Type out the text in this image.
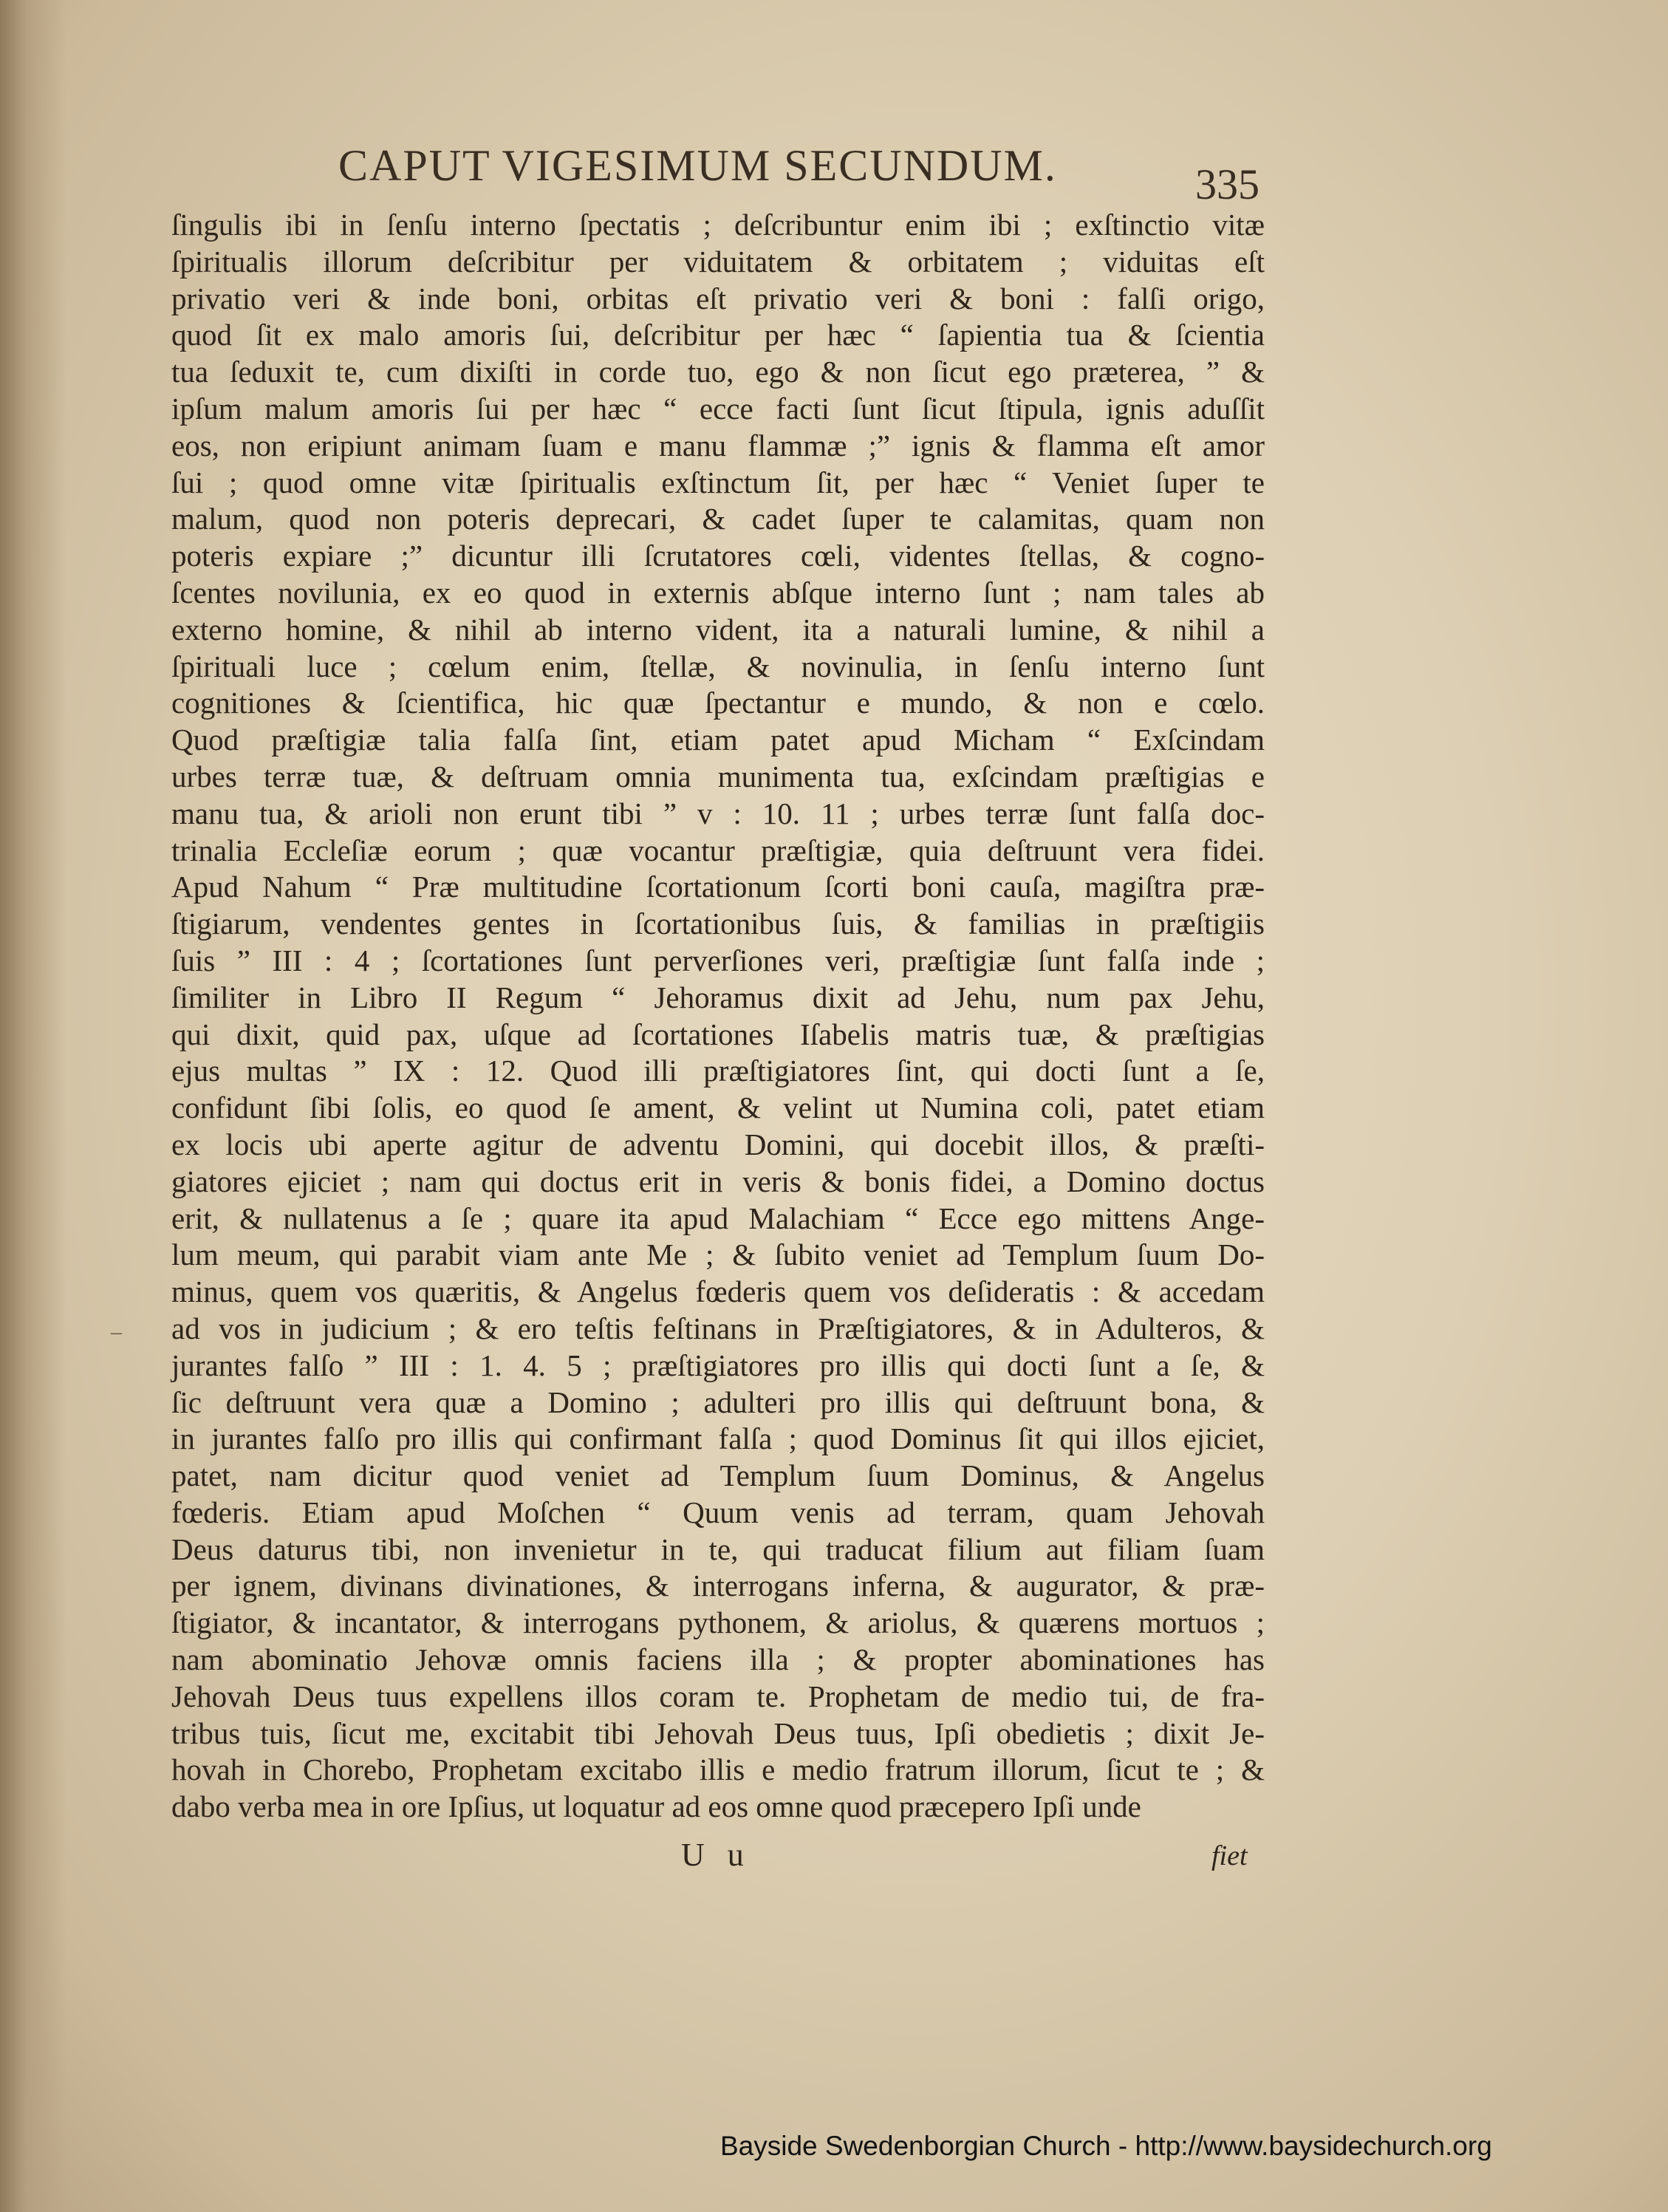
CAPUT VIGESIMUM SECUNDUM.	335
–
ſingulis ibi in ſenſu interno ſpectatis ; deſcribuntur enim ibi ; exſtinctio vitæ
ſpiritualis illorum deſcribitur per viduitatem & orbitatem ; viduitas eſt
privatio veri & inde boni, orbitas eſt privatio veri & boni : falſi origo,
quod ſit ex malo amoris ſui, deſcribitur per hæc “ ſapientia tua & ſcientia
tua ſeduxit te, cum dixiſti in corde tuo, ego & non ſicut ego præterea, ” &
ipſum malum amoris ſui per hæc “ ecce facti ſunt ſicut ſtipula, ignis aduſſit
eos, non eripiunt animam ſuam e manu flammæ ;” ignis & flamma eſt amor
ſui ; quod omne vitæ ſpiritualis exſtinctum ſit, per hæc “ Veniet ſuper te
malum, quod non poteris deprecari, & cadet ſuper te calamitas, quam non
poteris expiare ;” dicuntur illi ſcrutatores cœli, videntes ſtellas, & cogno-
ſcentes novilunia, ex eo quod in externis abſque interno ſunt ; nam tales ab
externo homine, & nihil ab interno vident, ita a naturali lumine, & nihil a
ſpirituali luce ; cœlum enim, ſtellæ, & novinulia, in ſenſu interno ſunt
cognitiones & ſcientifica, hic quæ ſpectantur e mundo, & non e cœlo.
Quod præſtigiæ talia falſa ſint, etiam patet apud Micham “ Exſcindam
urbes terræ tuæ, & deſtruam omnia munimenta tua, exſcindam præſtigias e
manu tua, & arioli non erunt tibi ” v : 10. 11 ; urbes terræ ſunt falſa doc-
trinalia Eccleſiæ eorum ; quæ vocantur præſtigiæ, quia deſtruunt vera fidei.
Apud Nahum “ Præ multitudine ſcortationum ſcorti boni cauſa, magiſtra præ-
ſtigiarum, vendentes gentes in ſcortationibus ſuis, & familias in præſtigiis
ſuis ” III : 4 ; ſcortationes ſunt perverſiones veri, præſtigiæ ſunt falſa inde ;
ſimiliter in Libro II Regum “ Jehoramus dixit ad Jehu, num pax Jehu,
qui dixit, quid pax, uſque ad ſcortationes Iſabelis matris tuæ, & præſtigias
ejus multas ” IX : 12. Quod illi præſtigiatores ſint, qui docti ſunt a ſe,
confidunt ſibi ſolis, eo quod ſe ament, & velint ut Numina coli, patet etiam
ex locis ubi aperte agitur de adventu Domini, qui docebit illos, & præſti-
giatores ejiciet ; nam qui doctus erit in veris & bonis fidei, a Domino doctus
erit, & nullatenus a ſe ; quare ita apud Malachiam “ Ecce ego mittens Ange-
lum meum, qui parabit viam ante Me ; & ſubito veniet ad Templum ſuum Do-
minus, quem vos quæritis, & Angelus fœderis quem vos deſideratis : & accedam
ad vos in judicium ; & ero teſtis feſtinans in Præſtigiatores, & in Adulteros, &
jurantes falſo ” III : 1. 4. 5 ; præſtigiatores pro illis qui docti ſunt a ſe, &
ſic deſtruunt vera quæ a Domino ; adulteri pro illis qui deſtruunt bona, &
in jurantes falſo pro illis qui confirmant falſa ; quod Dominus ſit qui illos ejiciet,
patet, nam dicitur quod veniet ad Templum ſuum Dominus, & Angelus
fœderis. Etiam apud Moſchen “ Quum venis ad terram, quam Jehovah
Deus daturus tibi, non invenietur in te, qui traducat filium aut filiam ſuam
per ignem, divinans divinationes, & interrogans inferna, & augurator, & præ-
ſtigiator, & incantator, & interrogans pythonem, & ariolus, & quærens mortuos ;
nam abominatio Jehovæ omnis faciens illa ; & propter abominationes has
Jehovah Deus tuus expellens illos coram te. Prophetam de medio tui, de fra-
tribus tuis, ſicut me, excitabit tibi Jehovah Deus tuus, Ipſi obedietis ; dixit Je-
hovah in Chorebo, Prophetam excitabo illis e medio fratrum illorum, ſicut te ; &
dabo verba mea in ore Ipſius, ut loquatur ad eos omne quod præcepero Ipſi unde
U u	fiet
Bayside Swedenborgian Church - http://www.baysidechurch.org
